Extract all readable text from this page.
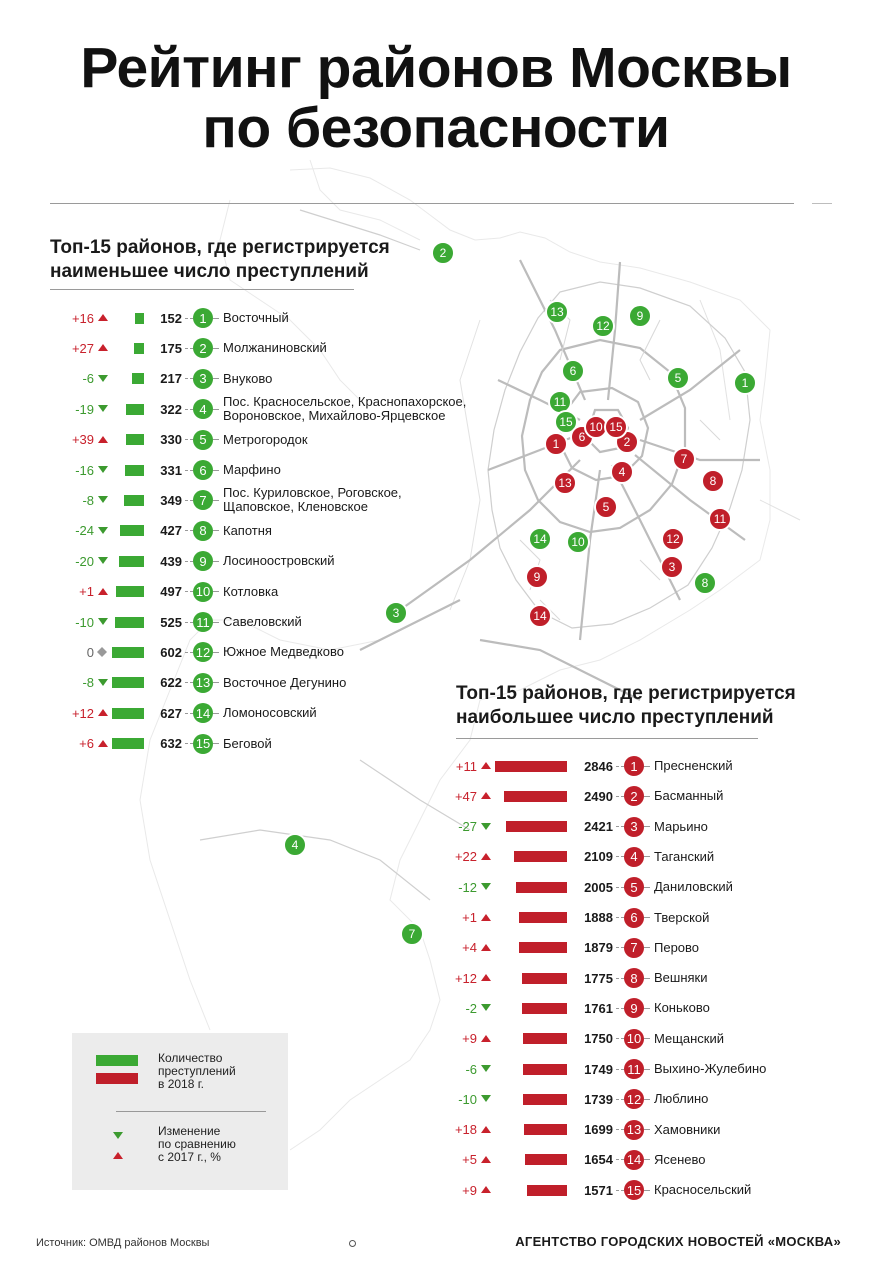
Рейтинг районов Москвы
по безопасности
Топ-15 районов, где регистрируется
наименьшее число преступлений
Топ-15 районов, где регистрируется
наибольшее число преступлений
+16	152	1	Восточный
+27	175	2	Молжаниновский
-6	217	3	Внуково
-19	322	4	Пос. Красносельское, Краснопахорское,
Вороновское, Михайлово-Ярцевское
+39	330	5	Метрогородок
-16	331	6	Марфино
-8	349	7	Пос. Куриловское, Роговское,
Щаповское, Кленовское
-24	427	8	Капотня
-20	439	9	Лосиноостровский
+1	497 10 Котловка
-10	525 11 Савеловский
0	602 12 Южное Медведково
-8	622 13 Восточное Дегунино
+12	627 14 Ломоносовский
+6	632 15 Беговой
+11	2846	1	Пресненский
+47	2490	2	Басманный
-27	2421	3	Марьино
+22	2109	4	Таганский
-12	2005	5	Даниловский
+1	1888	6	Тверской
+4	1879	7	Перово
+12	1775	8	Вешняки
-2	1761	9	Коньково
+9	1750 10 Мещанский
-6	1749 11 Выхино-Жулебино
-10	1739 12 Люблино
+18	1699 13 Хамовники
+5	1654 14 Ясенево
+9	1571 15 Красносельский
1
2
3
4
5
6
7
8
9
10
11
12
13
14
15
1	2
3
4
5
6
7
8
9
10
11
12
13
14
15
Количество
преступлений
в 2018 г.
Изменение
по сравнению
с 2017 г., %
Источник: ОМВД районов Москвы	АГЕНТСТВО ГОРОДСКИХ НОВОСТЕЙ «МОСКВА»
